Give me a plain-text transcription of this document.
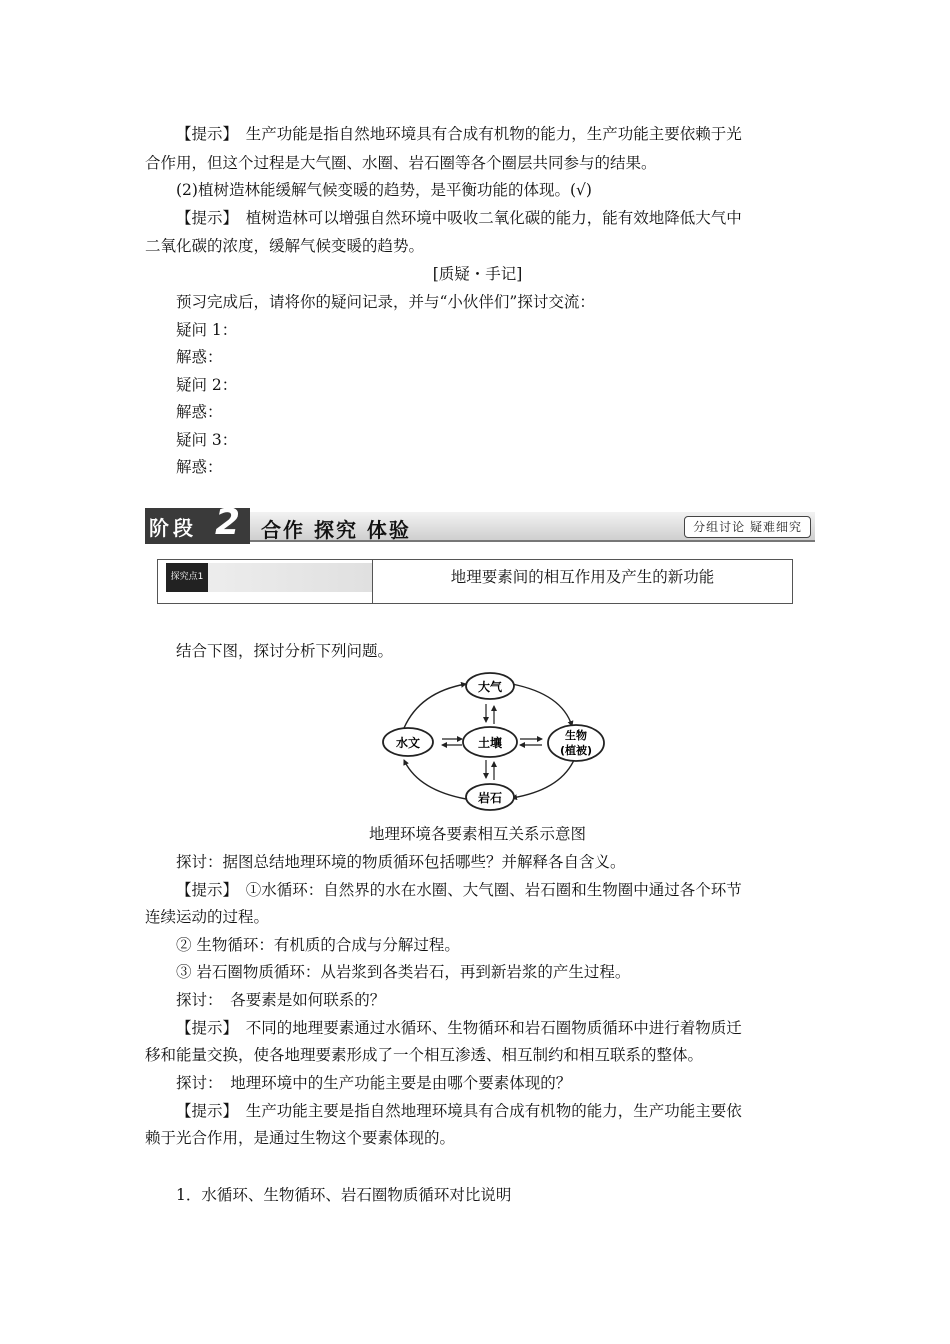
【提示】　生产功能是指自然地环境具有合成有机物的能力，生产功能主要依赖于光
合作用，但这个过程是大气圈、水圈、岩石圈等各个圈层共同参与的结果。
(2)植树造林能缓解气候变暖的趋势，是平衡功能的体现。(√)
【提示】　植树造林可以增强自然环境中吸收二氧化碳的能力，能有效地降低大气中
二氧化碳的浓度，缓解气候变暖的趋势。
[质疑・手记]
预习完成后，请将你的疑问记录，并与“小伙伴们”探讨交流：
疑问 1：
解惑：
疑问 2：
解惑：
疑问 3：
解惑：
阶段 2 合作 探究 体验	分组讨论 疑难细究
探究点1	地理要素间的相互作用及产生的新功能
结合下图，探讨分析下列问题。
大气
水文	土壤
生物
(植被)
岩石
地理环境各要素相互关系示意图
探讨：据图总结地理环境的物质循环包括哪些？并解释各自含义。
【提示】　①水循环：自然界的水在水圈、大气圈、岩石圈和生物圈中通过各个环节
连续运动的过程。
② 生物循环：有机质的合成与分解过程。
③ 岩石圈物质循环：从岩浆到各类岩石，再到新岩浆的产生过程。
探讨：　各要素是如何联系的？
【提示】　不同的地理要素通过水循环、生物循环和岩石圈物质循环中进行着物质迁
移和能量交换，使各地理要素形成了一个相互渗透、相互制约和相互联系的整体。
探讨：　地理环境中的生产功能主要是由哪个要素体现的？
【提示】　生产功能主要是指自然地理环境具有合成有机物的能力，生产功能主要依
赖于光合作用，是通过生物这个要素体现的。
1．水循环、生物循环、岩石圈物质循环对比说明
